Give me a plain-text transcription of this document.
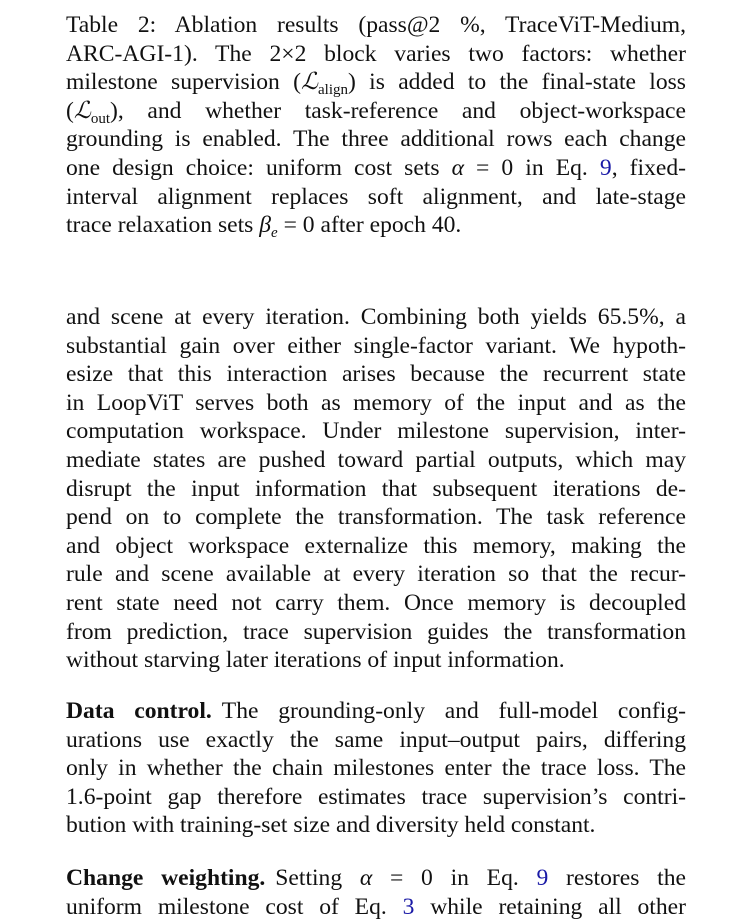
Table 2: Ablation results (pass@2 %, TraceViT-Medium,
ARC-AGI-1). The 2×2 block varies two factors: whether
milestone supervision (ℒ$_{align}$) is added to the final-state loss
(ℒ$_{out}$), and whether task-reference and object-workspace
grounding is enabled. The three additional rows each change
one design choice: uniform cost sets α = 0 in Eq. 9, fixed-
interval alignment replaces soft alignment, and late-stage
trace relaxation sets $\beta_e = 0$ after epoch 40.
and scene at every iteration. Combining both yields 65.5%, a
substantial gain over either single-factor variant. We hypoth-
esize that this interaction arises because the recurrent state
in LoopViT serves both as memory of the input and as the
computation workspace. Under milestone supervision, inter-
mediate states are pushed toward partial outputs, which may
disrupt the input information that subsequent iterations de-
pend on to complete the transformation. The task reference
and object workspace externalize this memory, making the
rule and scene available at every iteration so that the recur-
rent state need not carry them. Once memory is decoupled
from prediction, trace supervision guides the transformation
without starving later iterations of input information.
Data control. The grounding-only and full-model config-
urations use exactly the same input–output pairs, differing
only in whether the chain milestones enter the trace loss. The
1.6-point gap therefore estimates trace supervision’s contri-
bution with training-set size and diversity held constant.
Change weighting. Setting α = 0 in Eq. 9 restores the
uniform milestone cost of Eq. 3 while retaining all other
